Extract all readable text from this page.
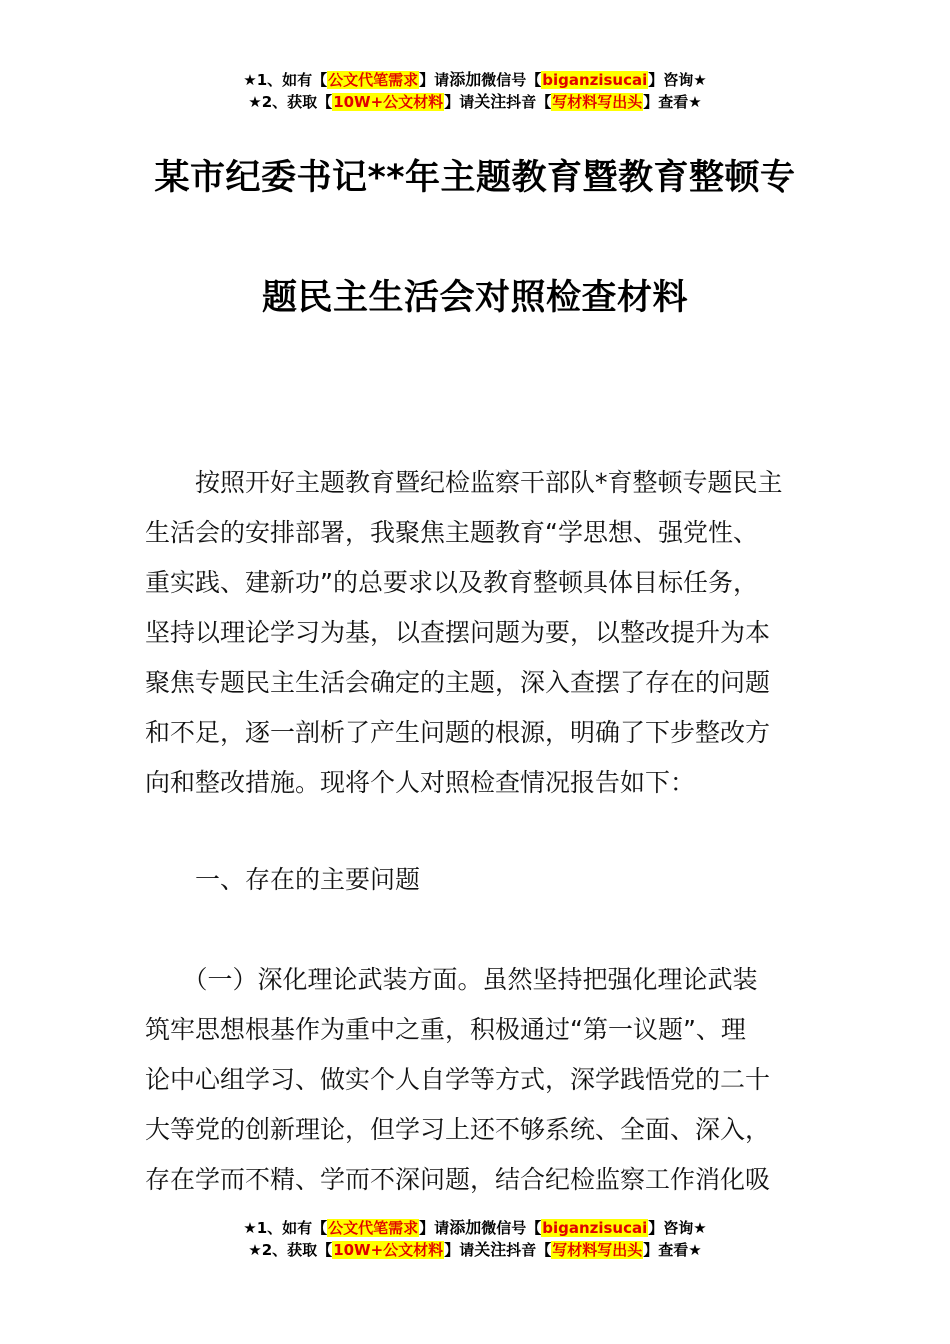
★1、如有【公文代笔需求】请添加微信号【biganzisucai】咨询★
★2、获取【10W+公文材料】请关注抖音【写材料写出头】查看★
某市纪委书记**年主题教育暨教育整顿专
题民主生活会对照检查材料
　　按照开好主题教育暨纪检监察干部队*育整顿专题民主
生活会的安排部署，我聚焦主题教育“学思想、强党性、
重实践、建新功”的总要求以及教育整顿具体目标任务，
坚持以理论学习为基，以查摆问题为要，以整改提升为本
聚焦专题民主生活会确定的主题，深入查摆了存在的问题
和不足，逐一剖析了产生问题的根源，明确了下步整改方
向和整改措施。现将个人对照检查情况报告如下：
一、存在的主要问题
　　（一）深化理论武装方面。虽然坚持把强化理论武装
筑牢思想根基作为重中之重，积极通过“第一议题”、理
论中心组学习、做实个人自学等方式，深学践悟党的二十
大等党的创新理论，但学习上还不够系统、全面、深入，
存在学而不精、学而不深问题，结合纪检监察工作消化吸
★1、如有【公文代笔需求】请添加微信号【biganzisucai】咨询★
★2、获取【10W+公文材料】请关注抖音【写材料写出头】查看★
